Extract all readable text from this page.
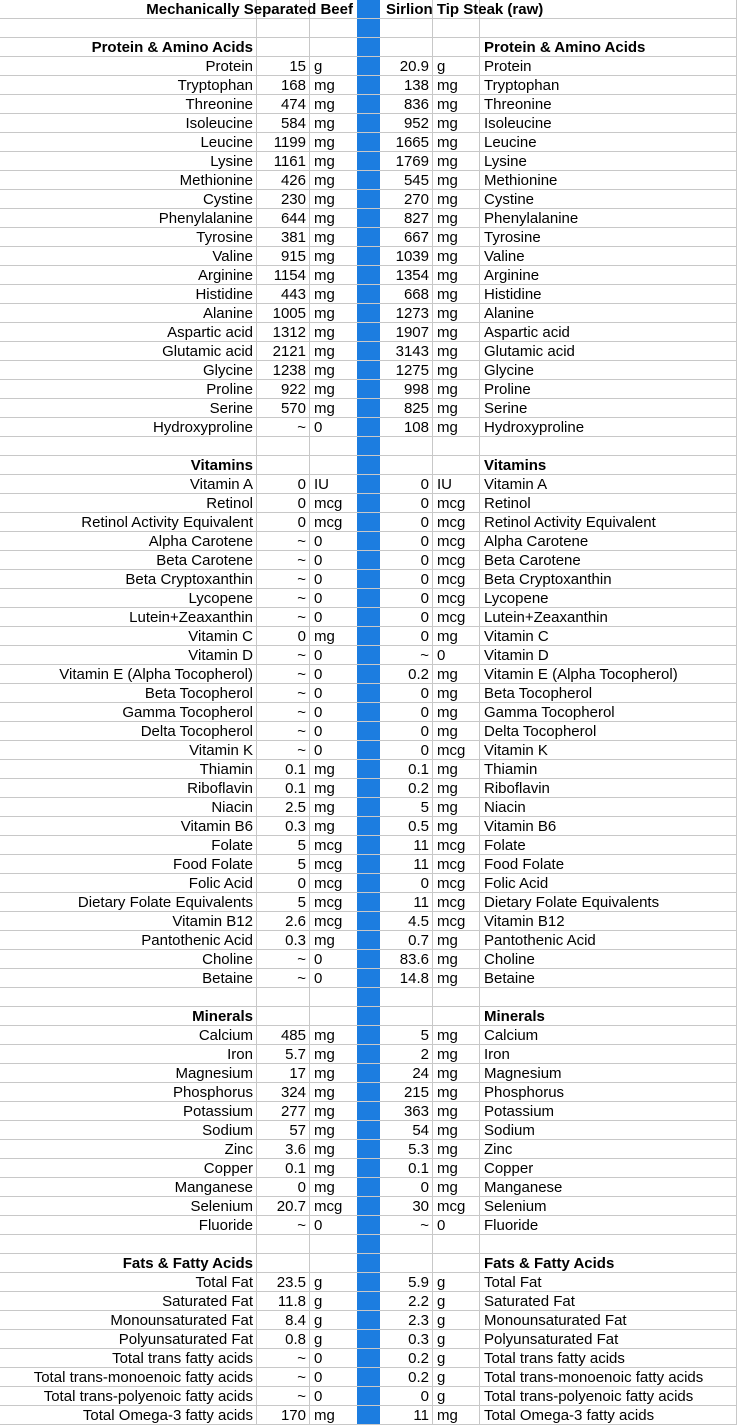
Mechanically Separated Beef	Sirlion Tip Steak (raw)
Protein & Amino Acids	Protein & Amino Acids
Protein	15 g	20.9 g	Protein
Tryptophan	168 mg	138 mg	Tryptophan
Threonine	474 mg	836 mg	Threonine
Isoleucine	584 mg	952 mg	Isoleucine
Leucine	1199 mg	1665 mg	Leucine
Lysine	1161 mg	1769 mg	Lysine
Methionine	426 mg	545 mg	Methionine
Cystine	230 mg	270 mg	Cystine
Phenylalanine	644 mg	827 mg	Phenylalanine
Tyrosine	381 mg	667 mg	Tyrosine
Valine	915 mg	1039 mg	Valine
Arginine	1154 mg	1354 mg	Arginine
Histidine	443 mg	668 mg	Histidine
Alanine	1005 mg	1273 mg	Alanine
Aspartic acid	1312 mg	1907 mg	Aspartic acid
Glutamic acid	2121 mg	3143 mg	Glutamic acid
Glycine	1238 mg	1275 mg	Glycine
Proline	922 mg	998 mg	Proline
Serine	570 mg	825 mg	Serine
Hydroxyproline	~ 0	108 mg	Hydroxyproline
Vitamins	Vitamins
Vitamin A	0 IU	0 IU	Vitamin A
Retinol	0 mcg	0 mcg	Retinol
Retinol Activity Equivalent	0 mcg	0 mcg	Retinol Activity Equivalent
Alpha Carotene	~ 0	0 mcg	Alpha Carotene
Beta Carotene	~ 0	0 mcg	Beta Carotene
Beta Cryptoxanthin	~ 0	0 mcg	Beta Cryptoxanthin
Lycopene	~ 0	0 mcg	Lycopene
Lutein+Zeaxanthin	~ 0	0 mcg	Lutein+Zeaxanthin
Vitamin C	0 mg	0 mg	Vitamin C
Vitamin D	~ 0	~ 0	Vitamin D
Vitamin E (Alpha Tocopherol)	~ 0	0.2 mg	Vitamin E (Alpha Tocopherol)
Beta Tocopherol	~ 0	0 mg	Beta Tocopherol
Gamma Tocopherol	~ 0	0 mg	Gamma Tocopherol
Delta Tocopherol	~ 0	0 mg	Delta Tocopherol
Vitamin K	~ 0	0 mcg	Vitamin K
Thiamin	0.1 mg	0.1 mg	Thiamin
Riboflavin	0.1 mg	0.2 mg	Riboflavin
Niacin	2.5 mg	5 mg	Niacin
Vitamin B6	0.3 mg	0.5 mg	Vitamin B6
Folate	5 mcg	11 mcg	Folate
Food Folate	5 mcg	11 mcg	Food Folate
Folic Acid	0 mcg	0 mcg	Folic Acid
Dietary Folate Equivalents	5 mcg	11 mcg	Dietary Folate Equivalents
Vitamin B12	2.6 mcg	4.5 mcg	Vitamin B12
Pantothenic Acid	0.3 mg	0.7 mg	Pantothenic Acid
Choline	~ 0	83.6 mg	Choline
Betaine	~ 0	14.8 mg	Betaine
Minerals	Minerals
Calcium	485 mg	5 mg	Calcium
Iron	5.7 mg	2 mg	Iron
Magnesium	17 mg	24 mg	Magnesium
Phosphorus	324 mg	215 mg	Phosphorus
Potassium	277 mg	363 mg	Potassium
Sodium	57 mg	54 mg	Sodium
Zinc	3.6 mg	5.3 mg	Zinc
Copper	0.1 mg	0.1 mg	Copper
Manganese	0 mg	0 mg	Manganese
Selenium	20.7 mcg	30 mcg	Selenium
Fluoride	~ 0	~ 0	Fluoride
Fats & Fatty Acids	Fats & Fatty Acids
Total Fat	23.5 g	5.9 g	Total Fat
Saturated Fat	11.8 g	2.2 g	Saturated Fat
Monounsaturated Fat	8.4 g	2.3 g	Monounsaturated Fat
Polyunsaturated Fat	0.8 g	0.3 g	Polyunsaturated Fat
Total trans fatty acids	~ 0	0.2 g	Total trans fatty acids
Total trans-monoenoic fatty acids	~ 0	0.2 g	Total trans-monoenoic fatty acids
Total trans-polyenoic fatty acids	~ 0	0 g	Total trans-polyenoic fatty acids
Total Omega-3 fatty acids	170 mg	11 mg	Total Omega-3 fatty acids
